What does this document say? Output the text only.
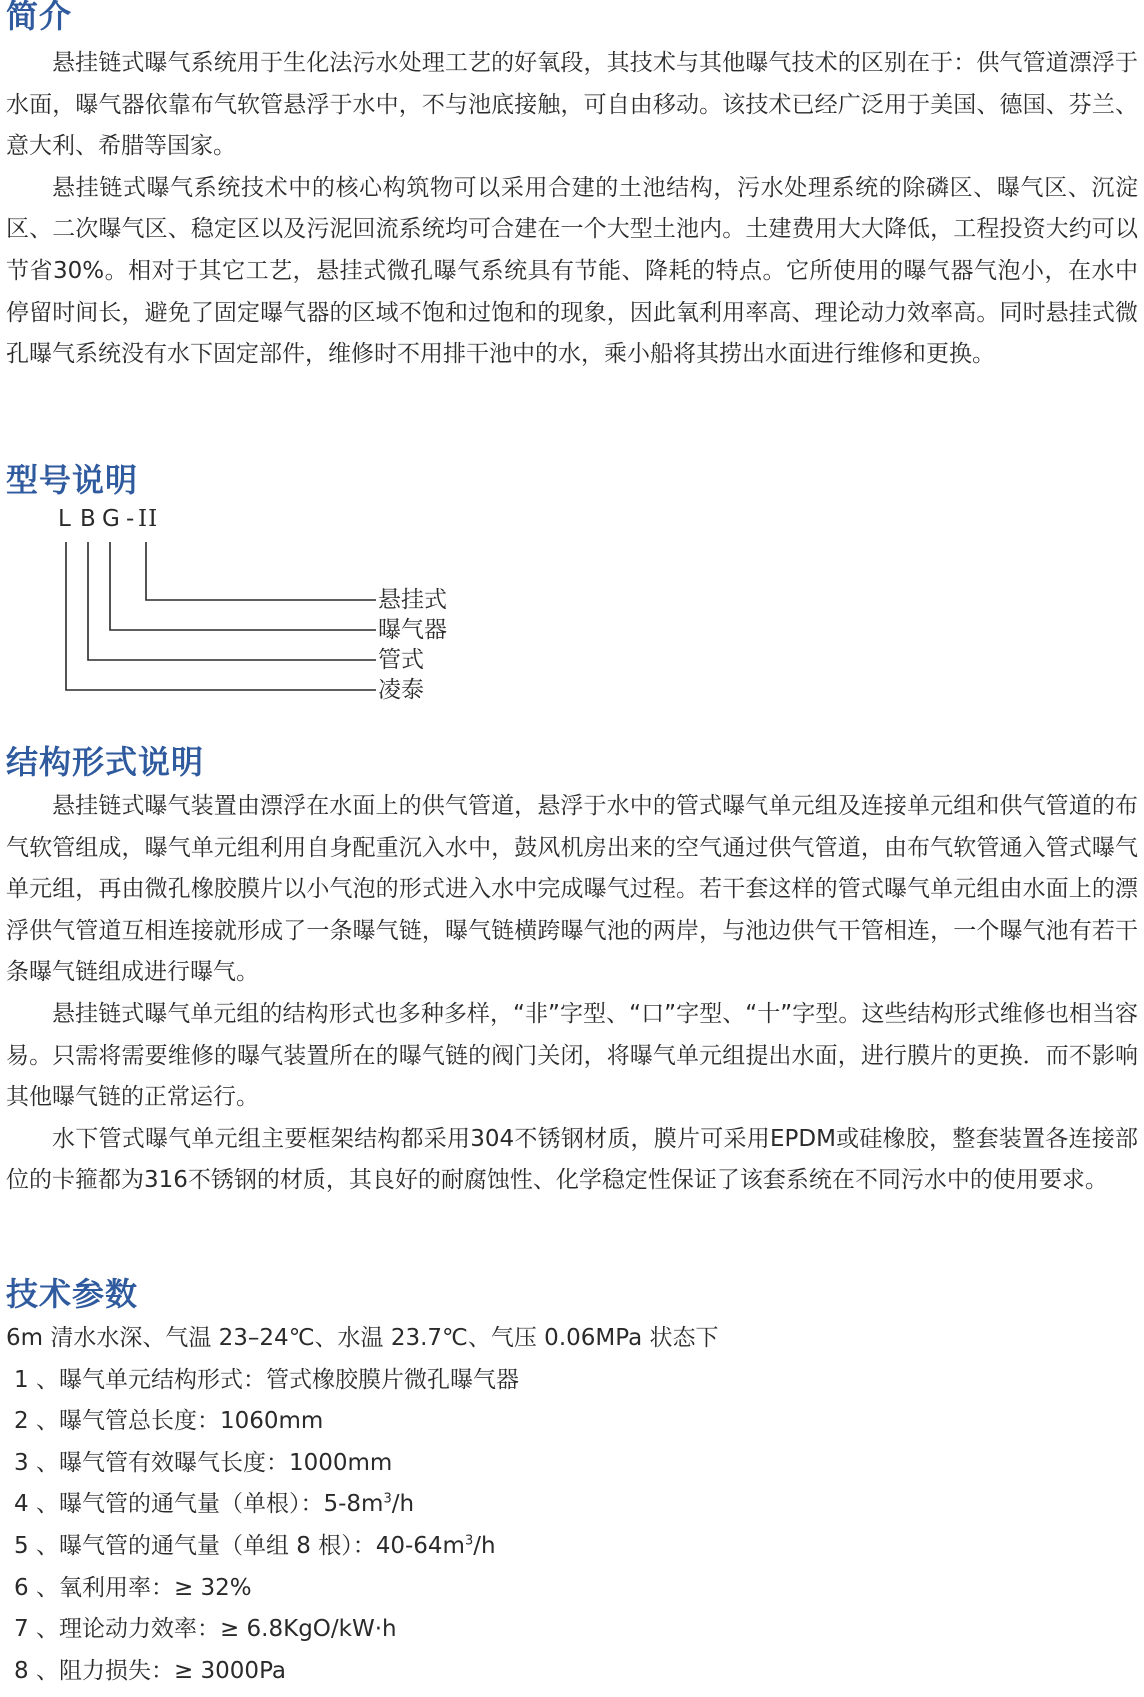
简介

悬挂链式曝气系统用于生化法污水处理工艺的好氧段，其技术与其他曝气技术的区别在于：供气管道漂浮于水面，曝气器依靠布气软管悬浮于水中，不与池底接触，可自由移动。该技术已经广泛用于美国、德国、芬兰、意大利、希腊等国家。

悬挂链式曝气系统技术中的核心构筑物可以采用合建的土池结构，污水处理系统的除磷区、曝气区、沉淀区、二次曝气区、稳定区以及污泥回流系统均可合建在一个大型土池内。土建费用大大降低，工程投资大约可以节省30%。相对于其它工艺，悬挂式微孔曝气系统具有节能、降耗的特点。它所使用的曝气器气泡小，在水中停留时间长，避免了固定曝气器的区域不饱和过饱和的现象，因此氧利用率高、理论动力效率高。同时悬挂式微孔曝气系统没有水下固定部件，维修时不用排干池中的水，乘小船将其捞出水面进行维修和更换。

型号说明
L B G - II
悬挂式
曝气器
管式
凌泰
结构形式说明

悬挂链式曝气装置由漂浮在水面上的供气管道，悬浮于水中的管式曝气单元组及连接单元组和供气管道的布气软管组成，曝气单元组利用自身配重沉入水中，鼓风机房出来的空气通过供气管道，由布气软管通入管式曝气单元组，再由微孔橡胶膜片以小气泡的形式进入水中完成曝气过程。若干套这样的管式曝气单元组由水面上的漂浮供气管道互相连接就形成了一条曝气链，曝气链横跨曝气池的两岸，与池边供气干管相连，一个曝气池有若干条曝气链组成进行曝气。

悬挂链式曝气单元组的结构形式也多种多样，“非”字型、“口”字型、“十”字型。这些结构形式维修也相当容易。只需将需要维修的曝气装置所在的曝气链的阀门关闭，将曝气单元组提出水面，进行膜片的更换．而不影响其他曝气链的正常运行。

水下管式曝气单元组主要框架结构都采用304不锈钢材质，膜片可采用EPDM或硅橡胶，整套装置各连接部位的卡箍都为316不锈钢的材质，其良好的耐腐蚀性、化学稳定性保证了该套系统在不同污水中的使用要求。

技术参数

6m 清水水深、气温 23–24℃、水温 23.7℃、气压 0.06MPa 状态下

1 、曝气单元结构形式：管式橡胶膜片微孔曝气器

2 、曝气管总长度：1060mm

3 、曝气管有效曝气长度：1000mm

4 、曝气管的通气量（单根）：$5-8m^3/h$

5 、曝气管的通气量（单组 8 根）：$40-64m^3/h$

6 、氧利用率：≥ 32%

7 、理论动力效率：≥ 6.8KgO/kW·h

8 、阻力损失：≥ 3000Pa
